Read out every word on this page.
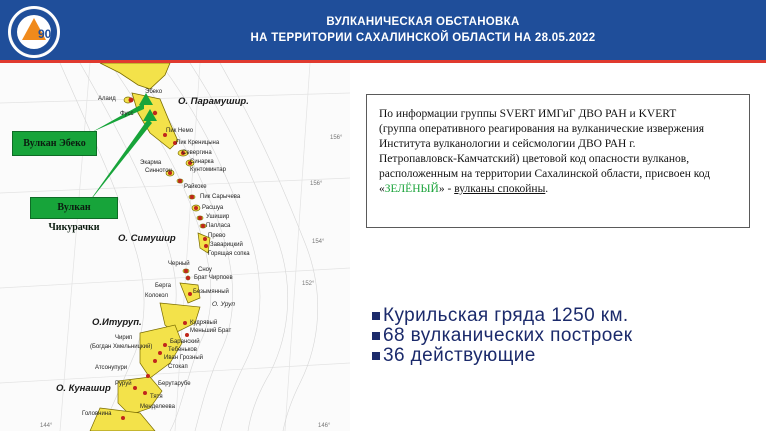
90
ВУЛКАНИЧЕСКАЯ ОБСТАНОВКА
НА ТЕРРИТОРИИ САХАЛИНСКОЙ ОБЛАСТИ НА 28.05.2022
156°
156°
154°
152°
144°	146°
О. Парамушир.
О. Симушир
О.Итуруп.
О. Кунашир
О. Уруп
Эбеко
Алаид
Фусс
Пик Немо
Пик Креницына
Севергина
Экарма	Синарка
Кунтоминтар
Синнотон
Райкоке
Пик Сарычева
Расшуа
Ушишир
Палласа
Прево
Заварицкий
Горящая сопка
Черный
Сноу
Брат Чирпоев
Берга
Колокол
Безымянный
Кудрявый
Меньший Брат
Чирип
(Богдан Хмельницкий)
Баранский
Тебеньков
Иван Грозный
Атсонупури	Стокап
Руруй	Берутарубе
Тятя
Головнина
Менделеева
Вулкан Эбеко
Вулкан Чикурачки
По информации группы SVERT ИМГиГ ДВО РАН и KVERT
(группа оперативного реагирования на вулканические извержения
Института вулканологии и сейсмологии ДВО РАН г.
Петропавловск-Камчатский) цветовой код опасности вулканов,
расположенным на территории Сахалинской области, присвоен код
«ЗЕЛЁНЫЙ» - вулканы спокойны.
Курильская гряда 1250 км.
68 вулканических построек
36 действующие
